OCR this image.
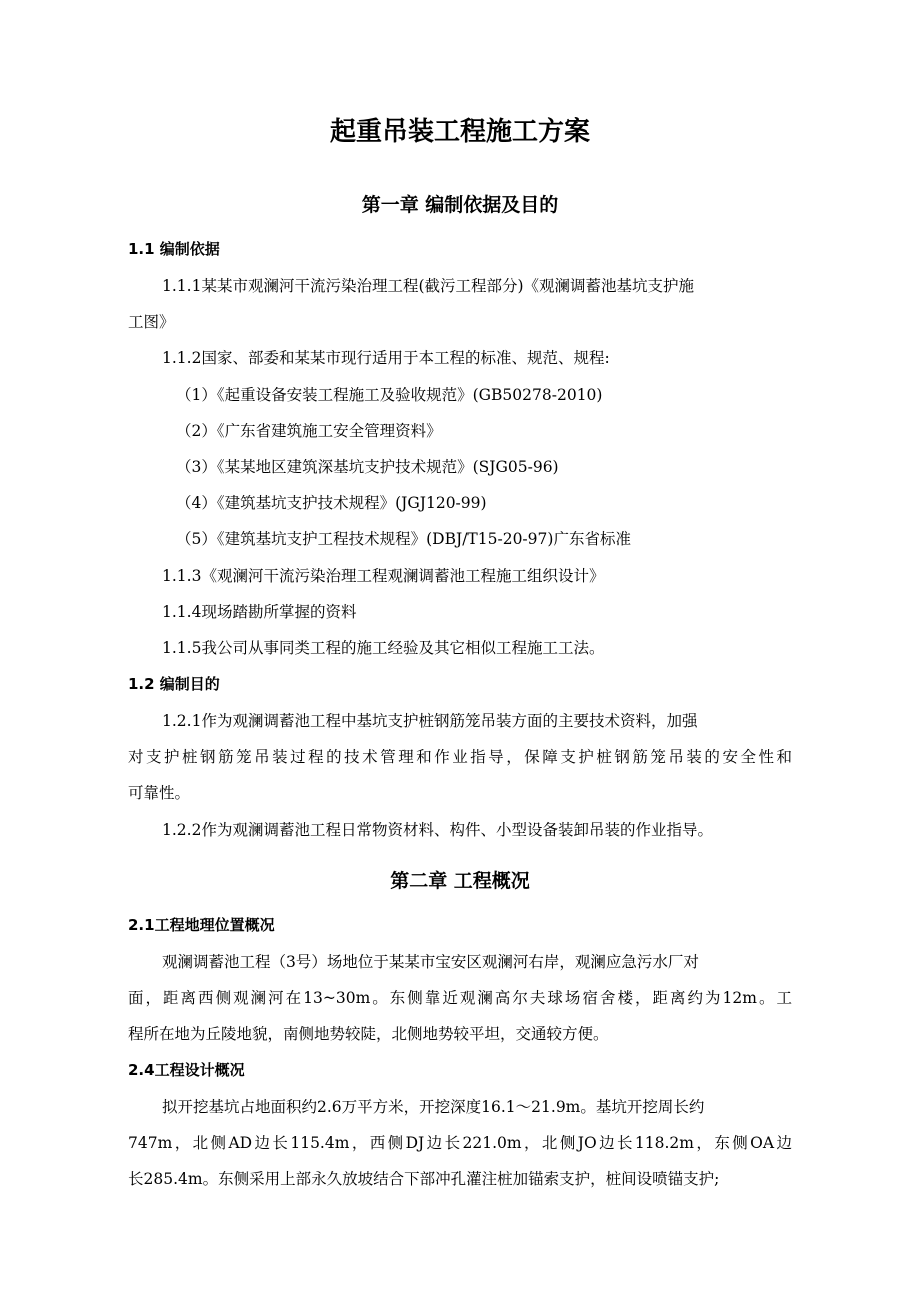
起重吊装工程施工方案
第一章 编制依据及目的
1.1 编制依据
1.1.1某某市观澜河干流污染治理工程(截污工程部分)《观澜调蓄池基坑支护施
工图》
1.1.2国家、部委和某某市现行适用于本工程的标准、规范、规程:
（1）《起重设备安装工程施工及验收规范》(GB50278-2010)
（2）《广东省建筑施工安全管理资料》
（3）《某某地区建筑深基坑支护技术规范》(SJG05-96)
（4）《建筑基坑支护技术规程》(JGJ120-99)
（5）《建筑基坑支护工程技术规程》(DBJ/T15-20-97)广东省标准
1.1.3《观澜河干流污染治理工程观澜调蓄池工程施工组织设计》
1.1.4现场踏勘所掌握的资料
1.1.5我公司从事同类工程的施工经验及其它相似工程施工工法。
1.2 编制目的
1.2.1作为观澜调蓄池工程中基坑支护桩钢筋笼吊装方面的主要技术资料，加强
对支护桩钢筋笼吊装过程的技术管理和作业指导，保障支护桩钢筋笼吊装的安全性和
可靠性。
1.2.2作为观澜调蓄池工程日常物资材料、构件、小型设备装卸吊装的作业指导。
第二章 工程概况
2.1工程地理位置概况
观澜调蓄池工程（3号）场地位于某某市宝安区观澜河右岸，观澜应急污水厂对
面，距离西侧观澜河在13~30m。东侧靠近观澜高尔夫球场宿舍楼，距离约为12m。工
程所在地为丘陵地貌，南侧地势较陡，北侧地势较平坦，交通较方便。
2.4工程设计概况
拟开挖基坑占地面积约2.6万平方米，开挖深度16.1～21.9m。基坑开挖周长约
747m，北侧AD边长115.4m，西侧DJ边长221.0m，北侧JO边长118.2m，东侧OA边
长285.4m。东侧采用上部永久放坡结合下部冲孔灌注桩加锚索支护，桩间设喷锚支护;
